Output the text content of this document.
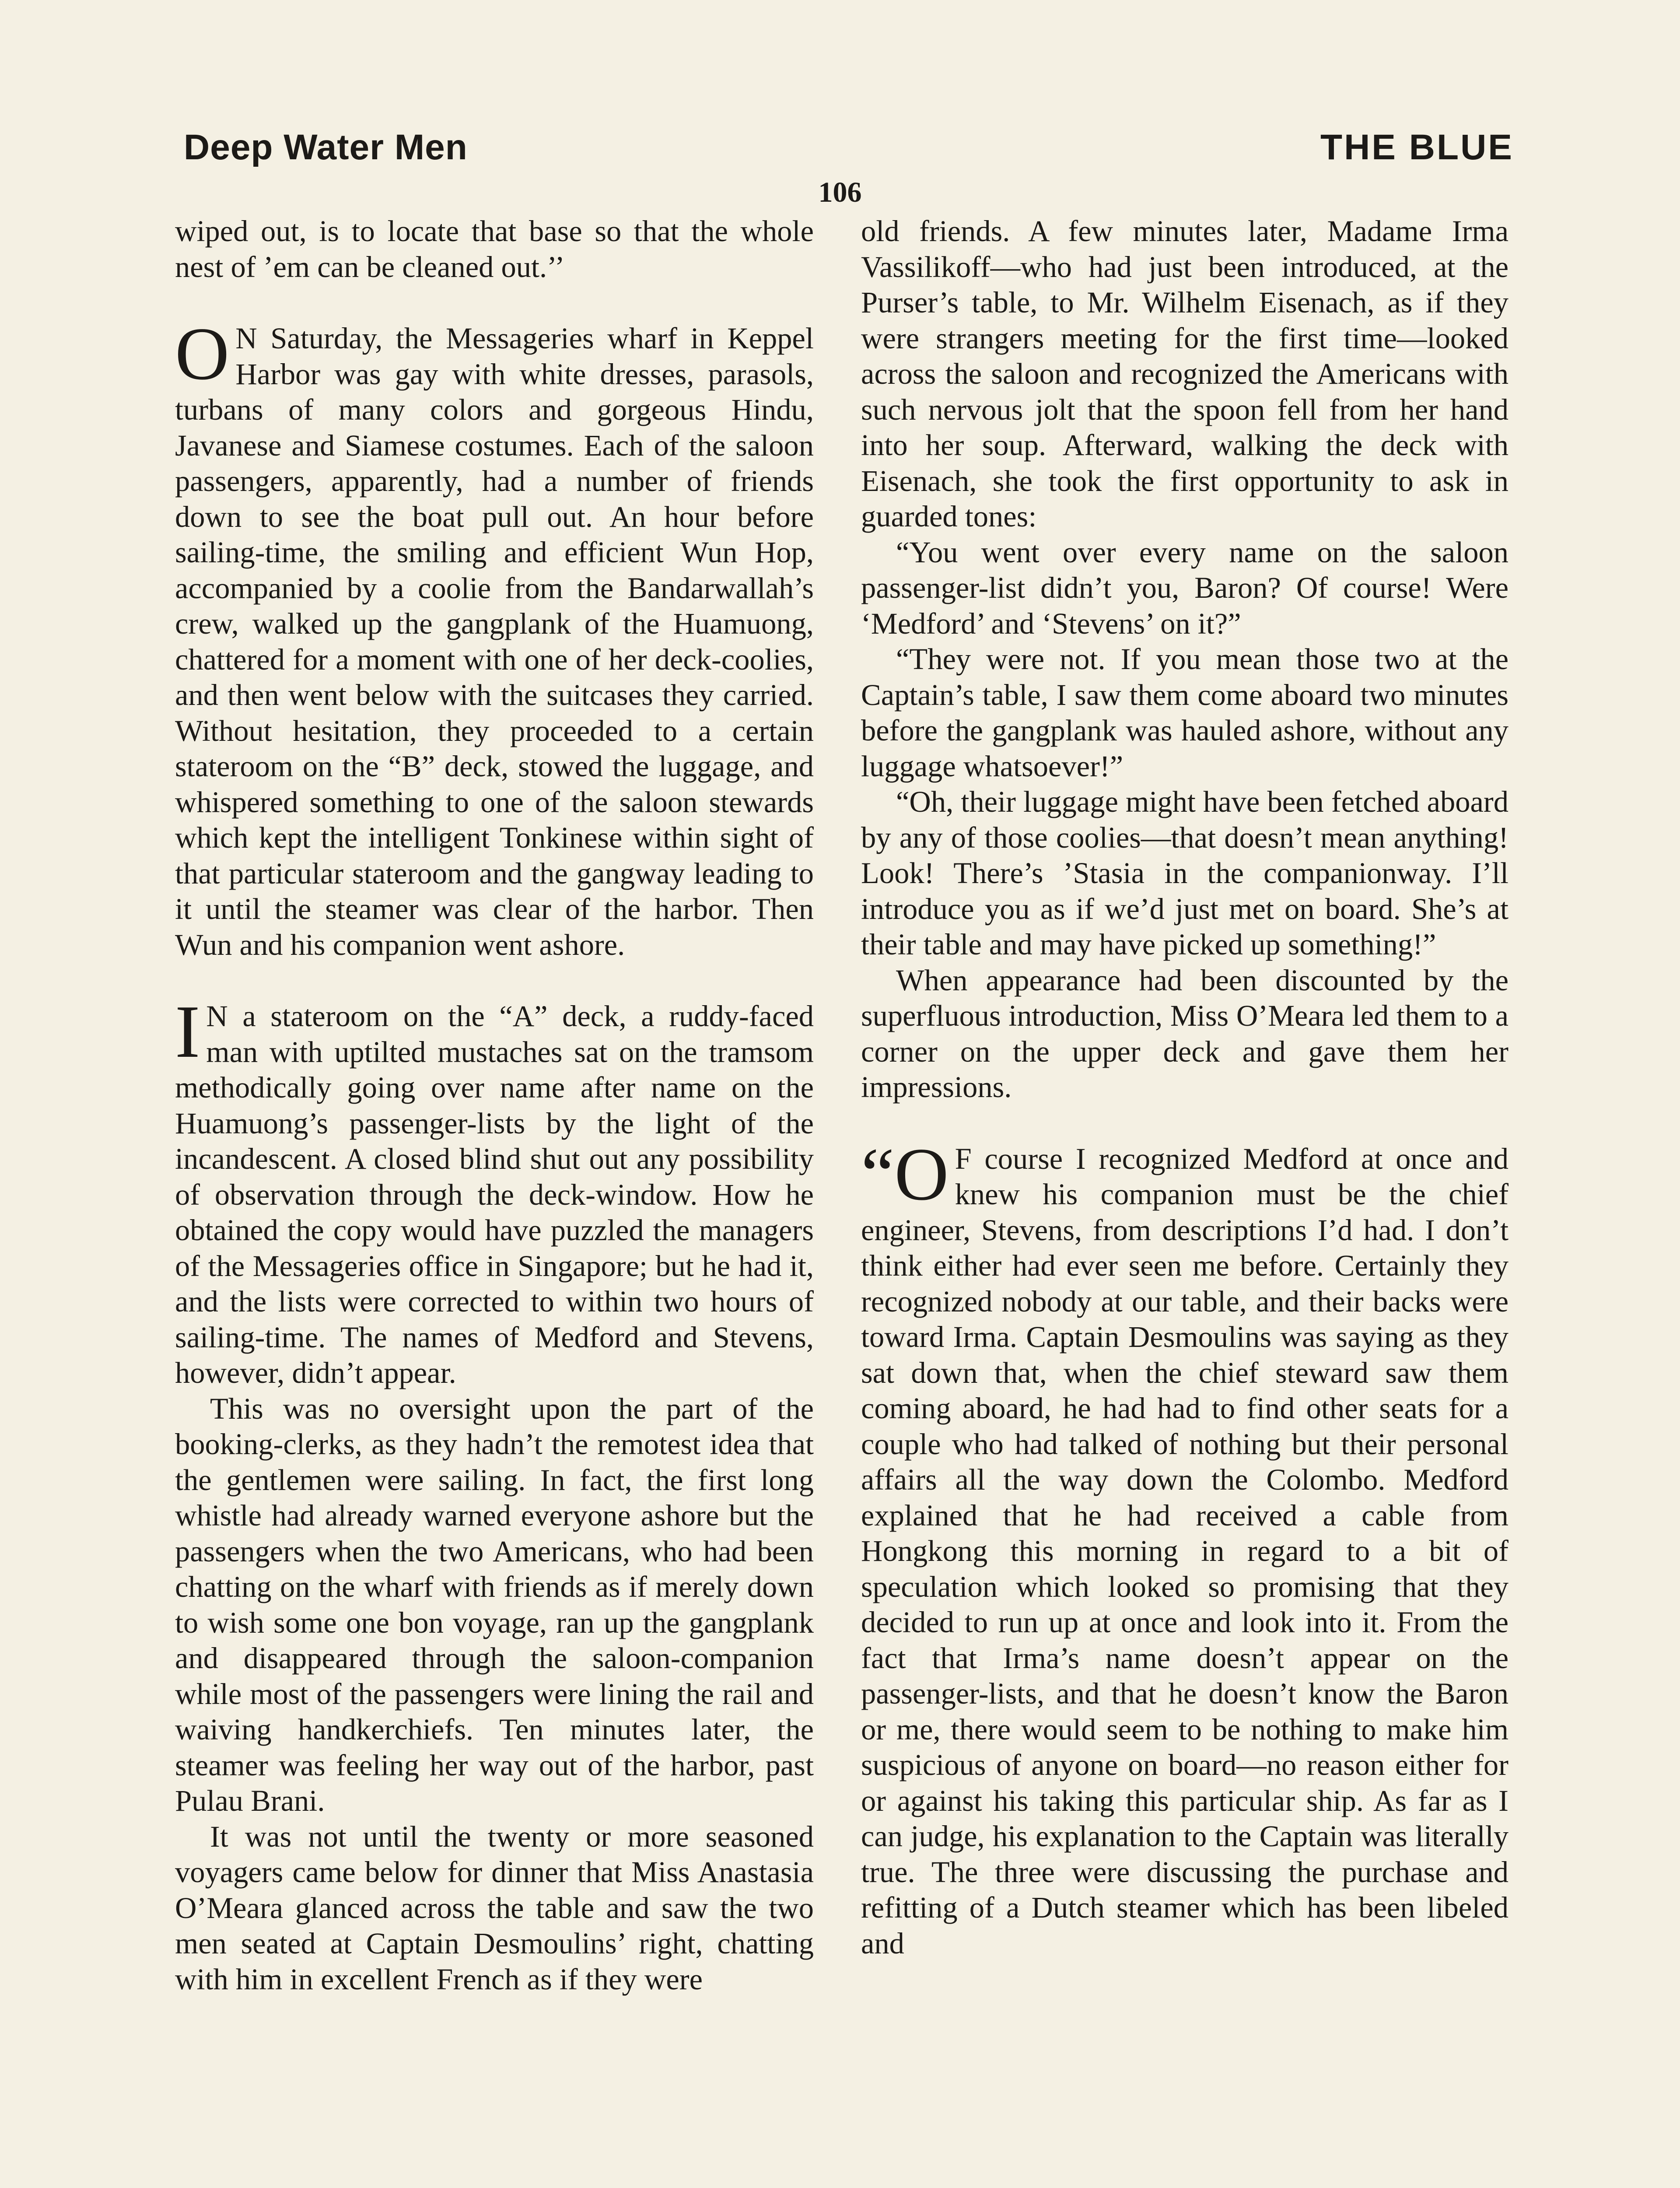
Deep Water Men	THE BLUE
106

wiped out, is to locate that base so that the whole nest of ’em can be cleaned out.’’

O N Saturday, the Messageries wharf in Keppel Harbor was gay with white dresses, parasols, turbans of many colors and gorgeous Hindu, Javanese and Siamese costumes. Each of the saloon passengers, apparently, had a number of friends down to see the boat pull out. An hour before sailing-time, the smiling and efficient Wun Hop, accompanied by a coolie from the Bandarwallah’s crew, walked up the gangplank of the Huamuong, chattered for a moment with one of her deck-coolies, and then went below with the suitcases they carried. Without hesitation, they proceeded to a certain stateroom on the “B” deck, stowed the luggage, and whispered something to one of the saloon stewards which kept the intelligent Tonkinese within sight of that particular stateroom and the gangway leading to it until the steamer was clear of the harbor. Then Wun and his companion went ashore.

I N a stateroom on the “A” deck, a ruddy-faced man with uptilted mustaches sat on the tramsom methodically going over name after name on the Huamuong’s passenger-lists by the light of the incandescent. A closed blind shut out any possibility of observation through the deck-window. How he obtained the copy would have puzzled the managers of the Messageries office in Singapore; but he had it, and the lists were corrected to within two hours of sailing-time. The names of Medford and Stevens, however, didn’t appear.

This was no oversight upon the part of the booking-clerks, as they hadn’t the remotest idea that the gentlemen were sailing. In fact, the first long whistle had already warned everyone ashore but the passengers when the two Americans, who had been chatting on the wharf with friends as if merely down to wish some one bon voyage, ran up the gangplank and disappeared through the saloon-companion while most of the passengers were lining the rail and waiving handkerchiefs. Ten minutes later, the steamer was feeling her way out of the harbor, past Pulau Brani.

It was not until the twenty or more seasoned voyagers came below for dinner that Miss Anastasia O’Meara glanced across the table and saw the two men seated at Captain Desmoulins’ right, chatting with him in excellent French as if they were

old friends. A few minutes later, Madame Irma Vassilikoff—who had just been introduced, at the Purser’s table, to Mr. Wilhelm Eisenach, as if they were strangers meeting for the first time—looked across the saloon and recognized the Americans with such nervous jolt that the spoon fell from her hand into her soup. Afterward, walking the deck with Eisenach, she took the first opportunity to ask in guarded tones:

“You went over every name on the saloon passenger-list didn’t you, Baron? Of course! Were ‘Medford’ and ‘Stevens’ on it?”

“They were not. If you mean those two at the Captain’s table, I saw them come aboard two minutes before the gangplank was hauled ashore, without any luggage whatsoever!”

“Oh, their luggage might have been fetched aboard by any of those coolies—that doesn’t mean anything! Look! There’s ’Stasia in the companionway. I’ll introduce you as if we’d just met on board. She’s at their table and may have picked up something!”

When appearance had been discounted by the superfluous introduction, Miss O’Meara led them to a corner on the upper deck and gave them her impressions.

“O F course I recognized Medford at once and knew his companion must be the chief engineer, Stevens, from descriptions I’d had. I don’t think either had ever seen me before. Certainly they recognized nobody at our table, and their backs were toward Irma. Captain Desmoulins was saying as they sat down that, when the chief steward saw them coming aboard, he had had to find other seats for a couple who had talked of nothing but their personal affairs all the way down the Colombo. Medford explained that he had received a cable from Hongkong this morning in regard to a bit of speculation which looked so promising that they decided to run up at once and look into it. From the fact that Irma’s name doesn’t appear on the passenger-lists, and that he doesn’t know the Baron or me, there would seem to be nothing to make him suspicious of anyone on board—no reason either for or against his taking this particular ship. As far as I can judge, his explanation to the Captain was literally true. The three were discussing the purchase and refitting of a Dutch steamer which has been libeled and
